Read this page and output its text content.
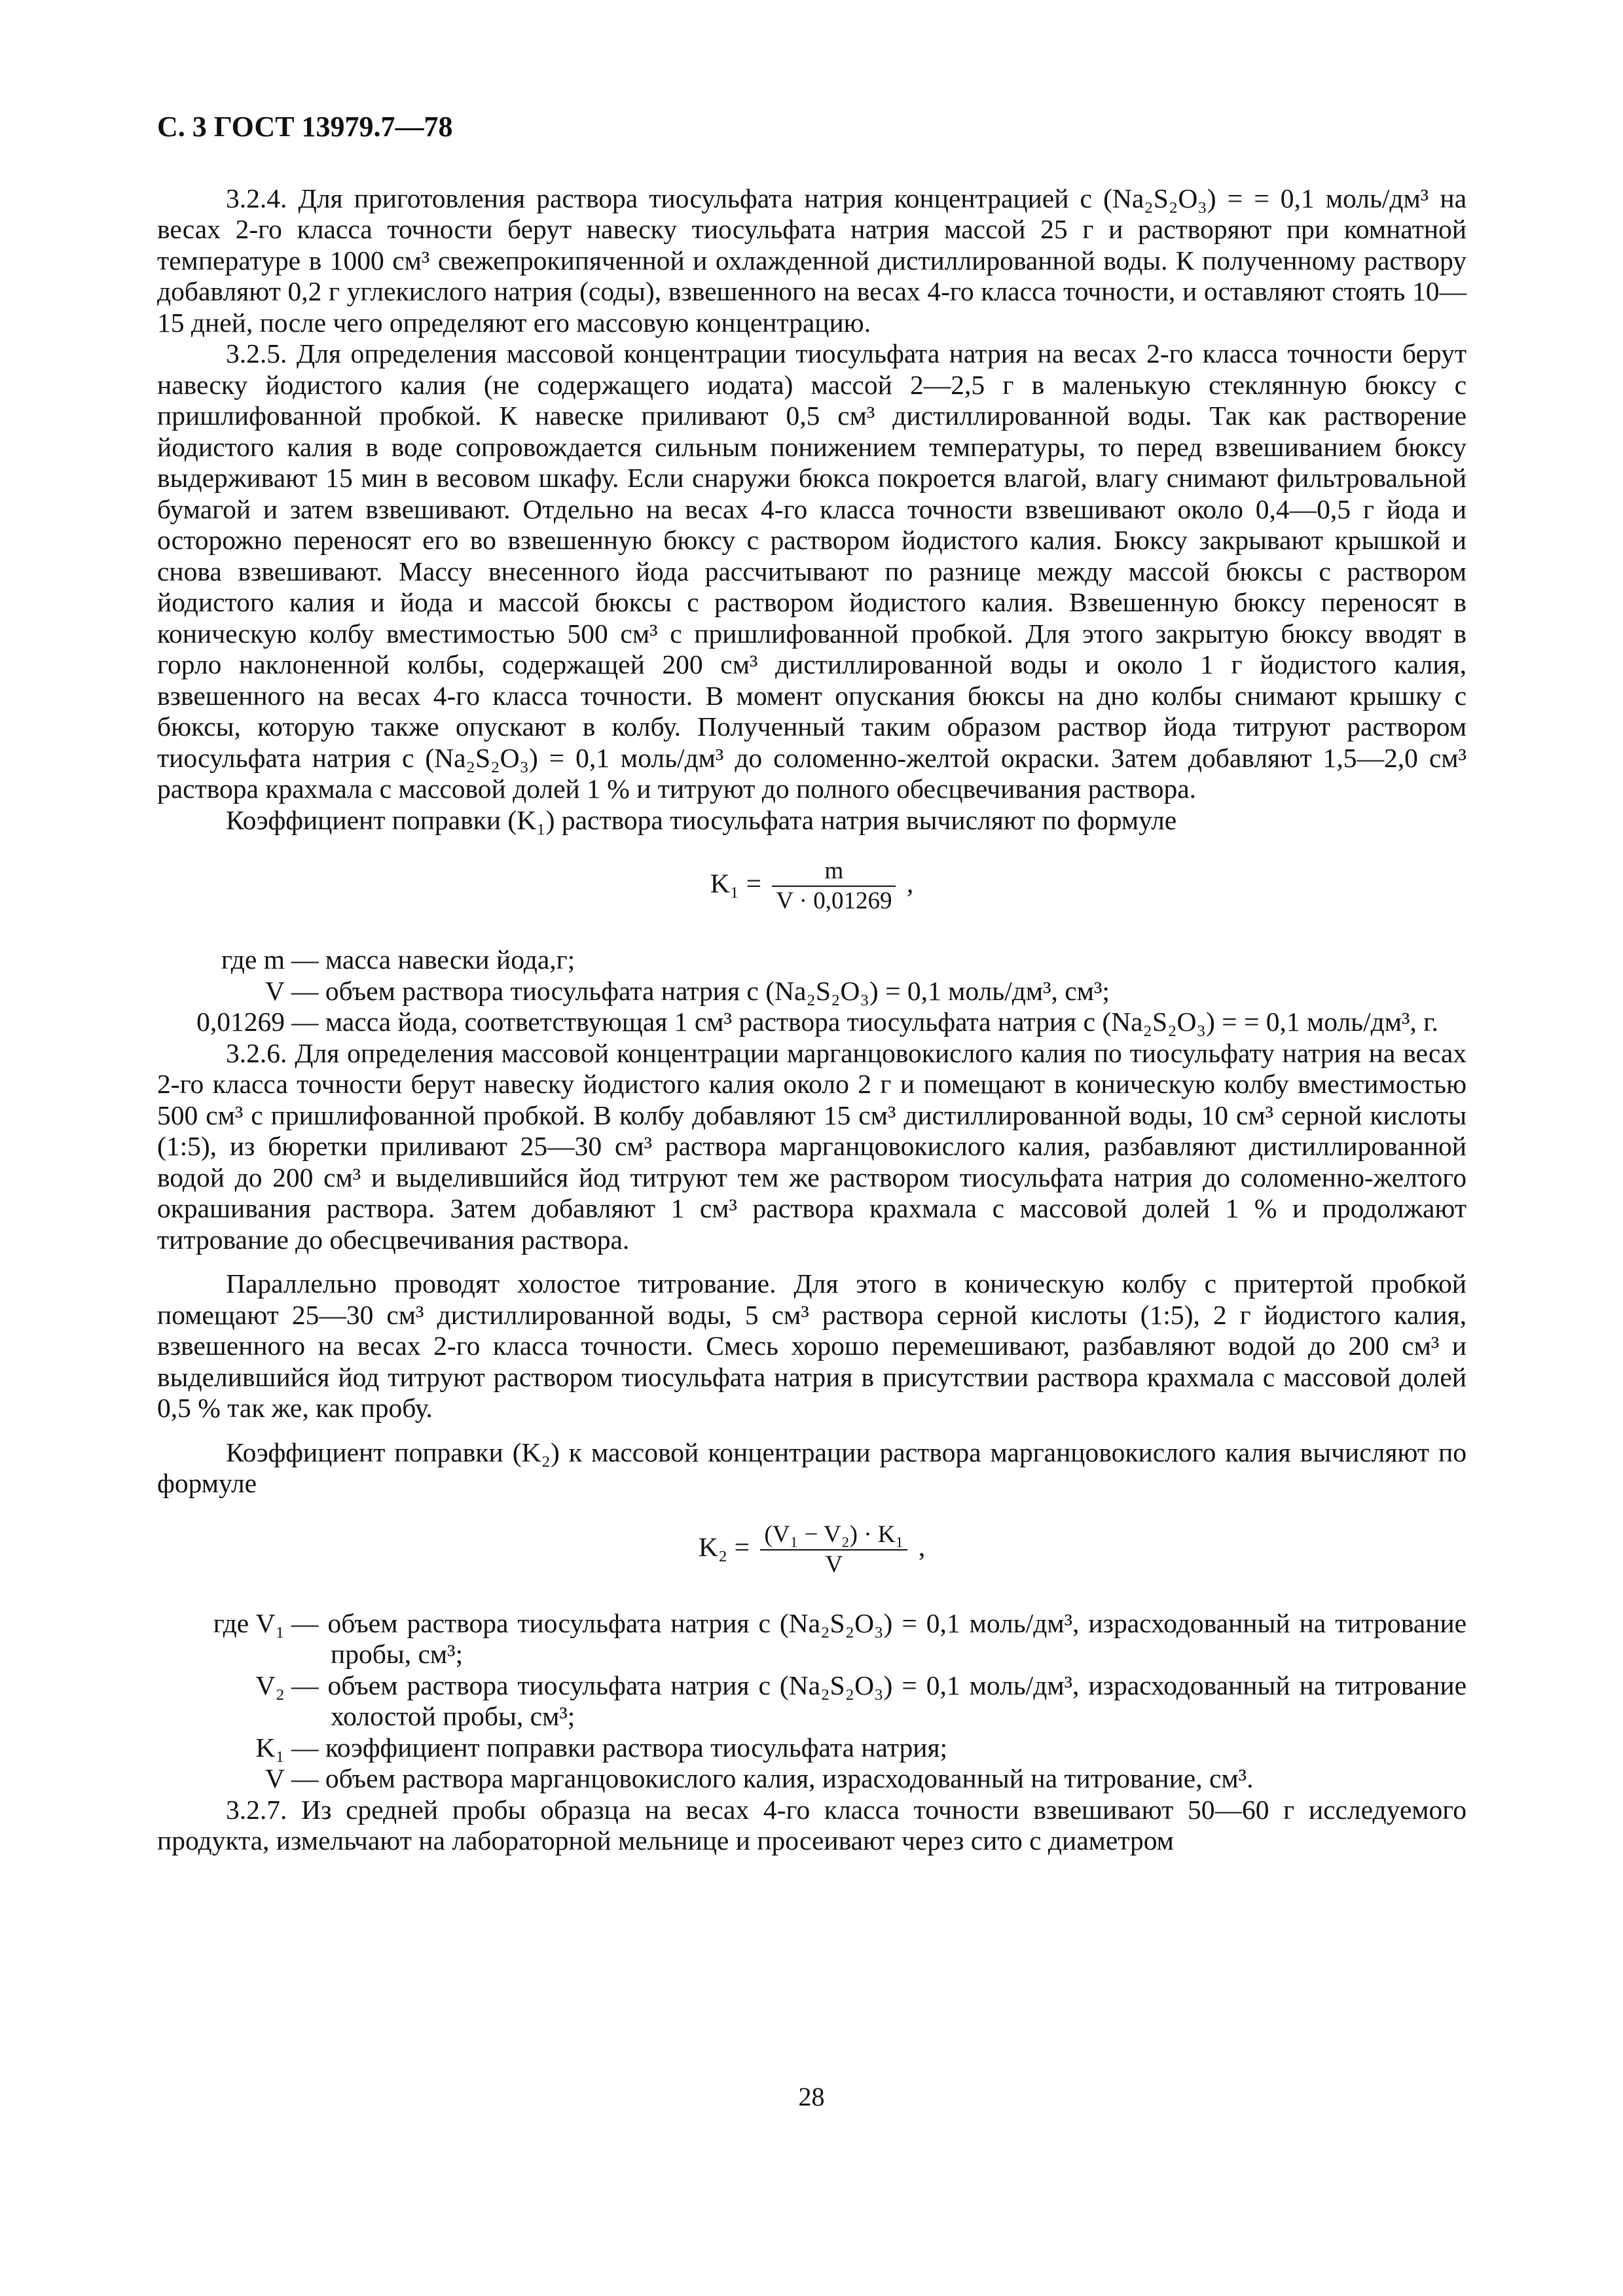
С. 3 ГОСТ 13979.7—78

3.2.4. Для приготовления раствора тиосульфата натрия концентрацией c (Na₂S₂O₃) = = 0,1 моль/дм³ на весах 2-го класса точности берут навеску тиосульфата натрия массой 25 г и растворяют при комнатной температуре в 1000 см³ свежепрокипяченной и охлажденной дистиллированной воды. К полученному раствору добавляют 0,2 г углекислого натрия (соды), взвешенного на весах 4-го класса точности, и оставляют стоять 10—15 дней, после чего определяют его массовую концентрацию.

3.2.5. Для определения массовой концентрации тиосульфата натрия на весах 2-го класса точности берут навеску йодистого калия (не содержащего иодата) массой 2—2,5 г в маленькую стеклянную бюксу с пришлифованной пробкой. К навеске приливают 0,5 см³ дистиллированной воды. Так как растворение йодистого калия в воде сопровождается сильным понижением температуры, то перед взвешиванием бюксу выдерживают 15 мин в весовом шкафу. Если снаружи бюкса покроется влагой, влагу снимают фильтровальной бумагой и затем взвешивают. Отдельно на весах 4-го класса точности взвешивают около 0,4—0,5 г йода и осторожно переносят его во взвешенную бюксу с раствором йодистого калия. Бюксу закрывают крышкой и снова взвешивают. Массу внесенного йода рассчитывают по разнице между массой бюксы с раствором йодистого калия и йода и массой бюксы с раствором йодистого калия. Взвешенную бюксу переносят в коническую колбу вместимостью 500 см³ с пришлифованной пробкой. Для этого закрытую бюксу вводят в горло наклоненной колбы, содержащей 200 см³ дистиллированной воды и около 1 г йодистого калия, взвешенного на весах 4-го класса точности. В момент опускания бюксы на дно колбы снимают крышку с бюксы, которую также опускают в колбу. Полученный таким образом раствор йода титруют раствором тиосульфата натрия c (Na₂S₂O₃) = 0,1 моль/дм³ до соломенно-желтой окраски. Затем добавляют 1,5—2,0 см³ раствора крахмала с массовой долей 1 % и титруют до полного обесцвечивания раствора.

Коэффициент поправки (K₁) раствора тиосульфата натрия вычисляют по формуле

$K_1 = \frac{m}{V \cdot 0,01269}$ ,
где m — масса навески йода,г;
V — объем раствора тиосульфата натрия c (Na₂S₂O₃) = 0,1 моль/дм³, см³;
0,01269 — масса йода, соответствующая 1 см³ раствора тиосульфата натрия c (Na₂S₂O₃) = = 0,1 моль/дм³, г.

3.2.6. Для определения массовой концентрации марганцовокислого калия по тиосульфату натрия на весах 2-го класса точности берут навеску йодистого калия около 2 г и помещают в коническую колбу вместимостью 500 см³ с пришлифованной пробкой. В колбу добавляют 15 см³ дистиллированной воды, 10 см³ серной кислоты (1:5), из бюретки приливают 25—30 см³ раствора марганцовокислого калия, разбавляют дистиллированной водой до 200 см³ и выделившийся йод титруют тем же раствором тиосульфата натрия до соломенно-желтого окрашивания раствора. Затем добавляют 1 см³ раствора крахмала с массовой долей 1 % и продолжают титрование до обесцвечивания раствора.

Параллельно проводят холостое титрование. Для этого в коническую колбу с притертой пробкой помещают 25—30 см³ дистиллированной воды, 5 см³ раствора серной кислоты (1:5), 2 г йодистого калия, взвешенного на весах 2-го класса точности. Смесь хорошо перемешивают, разбавляют водой до 200 см³ и выделившийся йод титруют раствором тиосульфата натрия в присутствии раствора крахмала с массовой долей 0,5 % так же, как пробу.

Коэффициент поправки (K₂) к массовой концентрации раствора марганцовокислого калия вычисляют по формуле

$K_2 = \frac{\text{(V₁ − V₂) · K₁}}{V}$ ,
где V₁ — объем раствора тиосульфата натрия c (Na₂S₂O₃) = 0,1 моль/дм³, израсходованный на титрование пробы, см³;
V₂ — объем раствора тиосульфата натрия c (Na₂S₂O₃) = 0,1 моль/дм³, израсходованный на титрование холостой пробы, см³;
K₁ — коэффициент поправки раствора тиосульфата натрия;
V — объем раствора марганцовокислого калия, израсходованный на титрование, см³.

3.2.7. Из средней пробы образца на весах 4-го класса точности взвешивают 50—60 г исследуемого продукта, измельчают на лабораторной мельнице и просеивают через сито с диаметром

28
